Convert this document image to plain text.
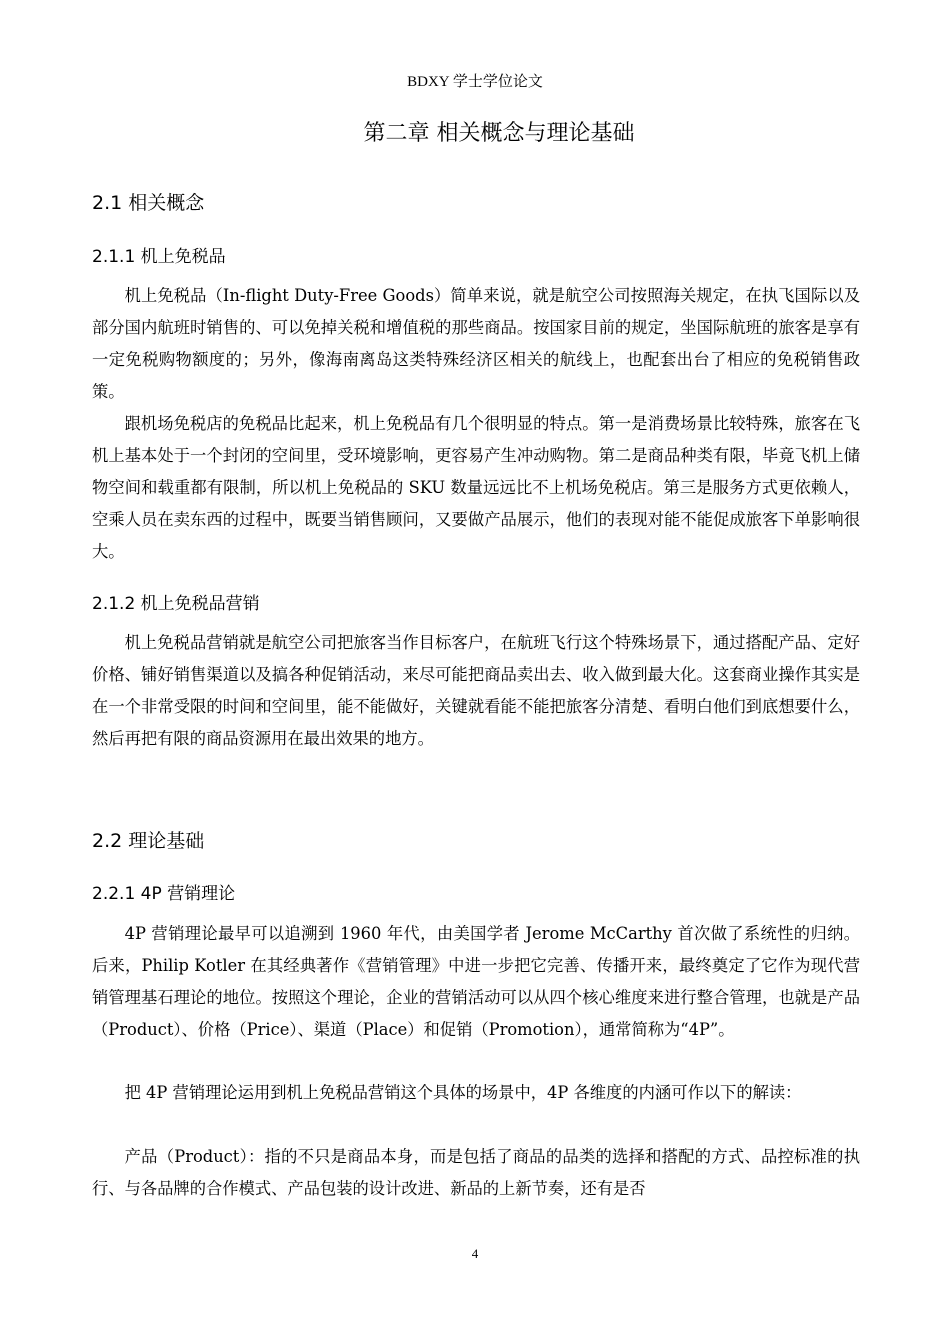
BDXY 学士学位论文
第二章 相关概念与理论基础
2.1 相关概念
2.1.1 机上免税品

机上免税品（In-flight Duty-Free Goods）简单来说，就是航空公司按照海关规定，在执飞国际以及部分国内航班时销售的、可以免掉关税和增值税的那些商品。按国家目前的规定，坐国际航班的旅客是享有一定免税购物额度的；另外，像海南离岛这类特殊经济区相关的航线上，也配套出台了相应的免税销售政策。

跟机场免税店的免税品比起来，机上免税品有几个很明显的特点。第一是消费场景比较特殊，旅客在飞机上基本处于一个封闭的空间里，受环境影响，更容易产生冲动购物。第二是商品种类有限，毕竟飞机上储物空间和载重都有限制，所以机上免税品的 SKU 数量远远比不上机场免税店。第三是服务方式更依赖人，空乘人员在卖东西的过程中，既要当销售顾问，又要做产品展示，他们的表现对能不能促成旅客下单影响很大。

2.1.2 机上免税品营销

机上免税品营销就是航空公司把旅客当作目标客户，在航班飞行这个特殊场景下，通过搭配产品、定好价格、铺好销售渠道以及搞各种促销活动，来尽可能把商品卖出去、收入做到最大化。这套商业操作其实是在一个非常受限的时间和空间里，能不能做好，关键就看能不能把旅客分清楚、看明白他们到底想要什么，然后再把有限的商品资源用在最出效果的地方。

2.2 理论基础
2.2.1 4P 营销理论

4P 营销理论最早可以追溯到 1960 年代，由美国学者 Jerome McCarthy 首次做了系统性的归纳。后来，Philip Kotler 在其经典著作《营销管理》中进一步把它完善、传播开来，最终奠定了它作为现代营销管理基石理论的地位。按照这个理论，企业的营销活动可以从四个核心维度来进行整合管理，也就是产品（Product）、价格（Price）、渠道（Place）和促销（Promotion），通常简称为“4P”。

把 4P 营销理论运用到机上免税品营销这个具体的场景中，4P 各维度的内涵可作以下的解读：

产品（Product）：指的不只是商品本身，而是包括了商品的品类的选择和搭配的方式、品控标准的执行、与各品牌的合作模式、产品包装的设计改进、新品的上新节奏，还有是否

4
